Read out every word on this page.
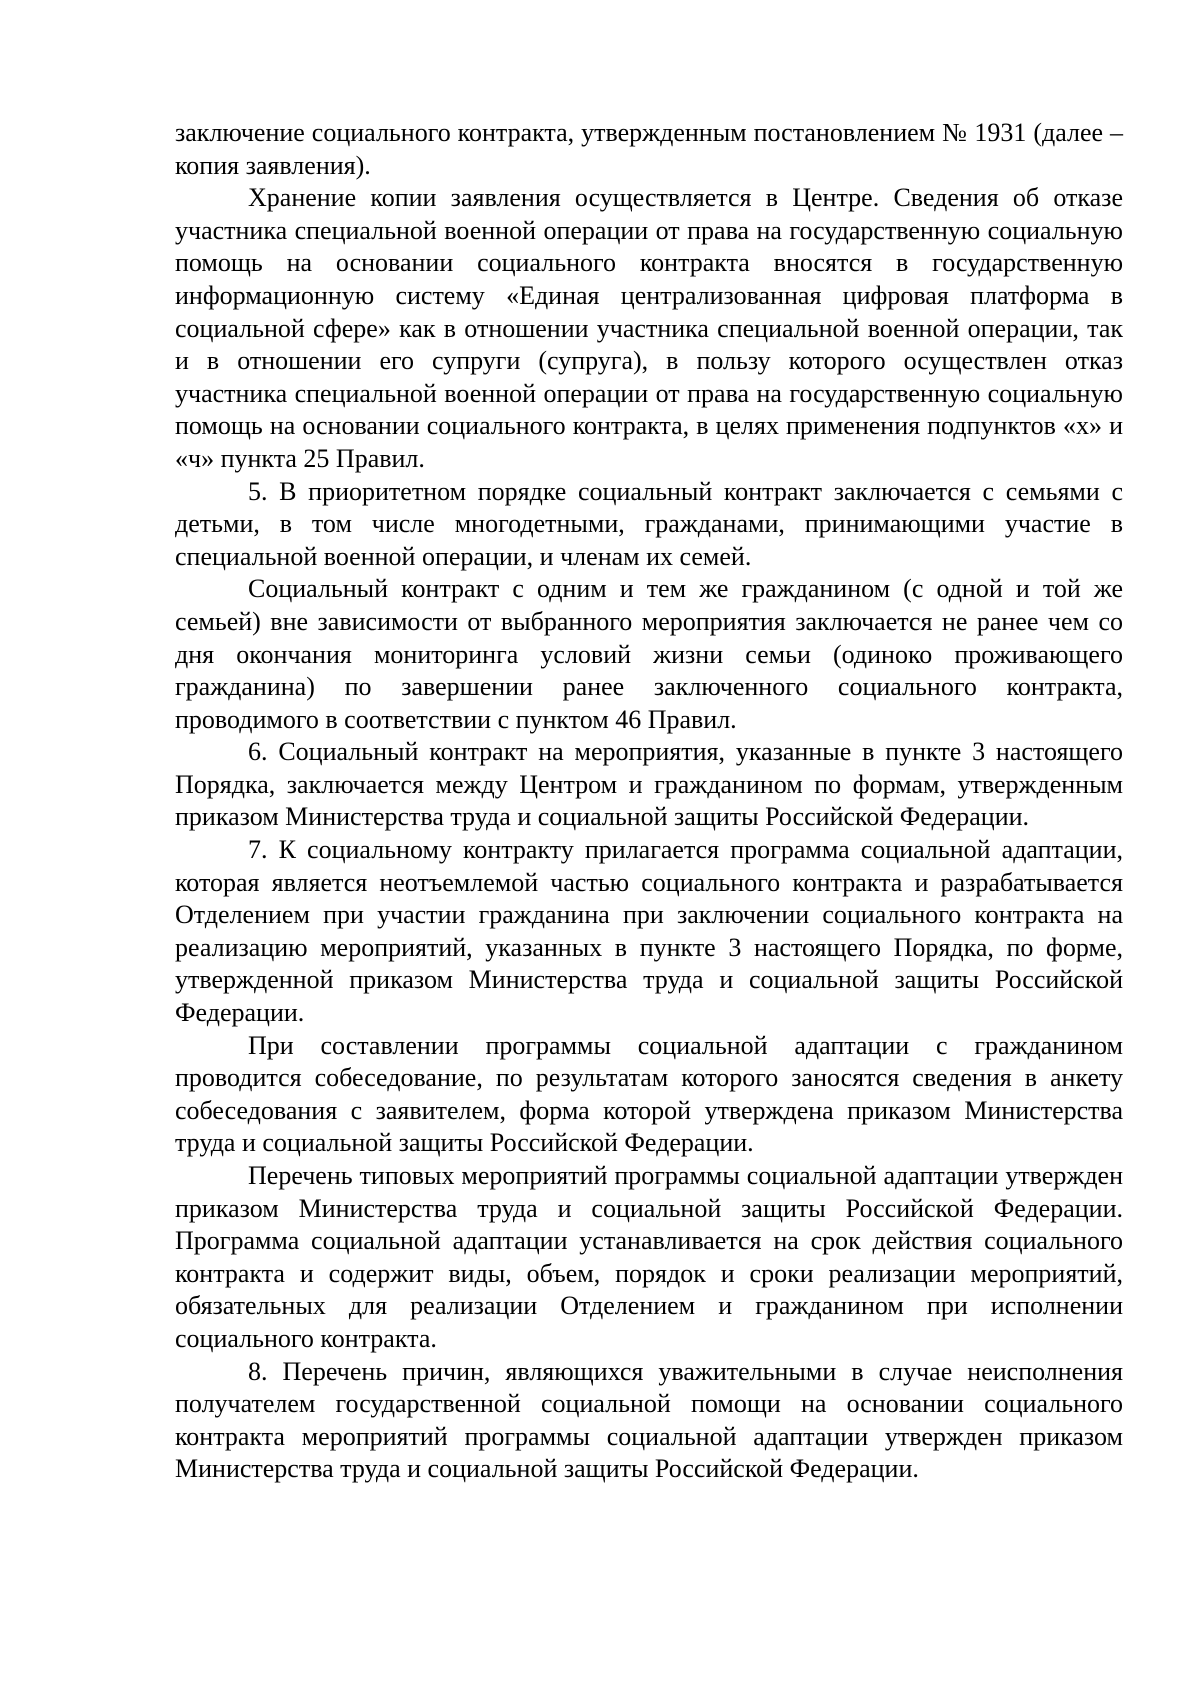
заключение социального контракта, утвержденным постановлением № 1931 (далее – копия заявления).

Хранение копии заявления осуществляется в Центре. Сведения об отказе участника специальной военной операции от права на государственную социальную помощь на основании социального контракта вносятся в государственную информационную систему «Единая централизованная цифровая платформа в социальной сфере» как в отношении участника специальной военной операции, так и в отношении его супруги (супруга), в пользу которого осуществлен отказ участника специальной военной операции от права на государственную социальную помощь на основании социального контракта, в целях применения подпунктов «х» и «ч» пункта 25 Правил.

5. В приоритетном порядке социальный контракт заключается с семьями с детьми, в том числе многодетными, гражданами, принимающими участие в специальной военной операции, и членам их семей.

Социальный контракт с одним и тем же гражданином (с одной и той же семьей) вне зависимости от выбранного мероприятия заключается не ранее чем со дня окончания мониторинга условий жизни семьи (одиноко проживающего гражданина) по завершении ранее заключенного социального контракта, проводимого в соответствии с пунктом 46 Правил.

6. Социальный контракт на мероприятия, указанные в пункте 3 настоящего Порядка, заключается между Центром и гражданином по формам, утвержденным приказом Министерства труда и социальной защиты Российской Федерации.

7. К социальному контракту прилагается программа социальной адаптации, которая является неотъемлемой частью социального контракта и разрабатывается Отделением при участии гражданина при заключении социального контракта на реализацию мероприятий, указанных в пункте 3 настоящего Порядка, по форме, утвержденной приказом Министерства труда и социальной защиты Российской Федерации.

При составлении программы социальной адаптации с гражданином проводится собеседование, по результатам которого заносятся сведения в анкету собеседования с заявителем, форма которой утверждена приказом Министерства труда и социальной защиты Российской Федерации.

Перечень типовых мероприятий программы социальной адаптации утвержден приказом Министерства труда и социальной защиты Российской Федерации. Программа социальной адаптации устанавливается на срок действия социального контракта и содержит виды, объем, порядок и сроки реализации мероприятий, обязательных для реализации Отделением и гражданином при исполнении социального контракта.

8. Перечень причин, являющихся уважительными в случае неисполнения получателем государственной социальной помощи на основании социального контракта мероприятий программы социальной адаптации утвержден приказом Министерства труда и социальной защиты Российской Федерации.
